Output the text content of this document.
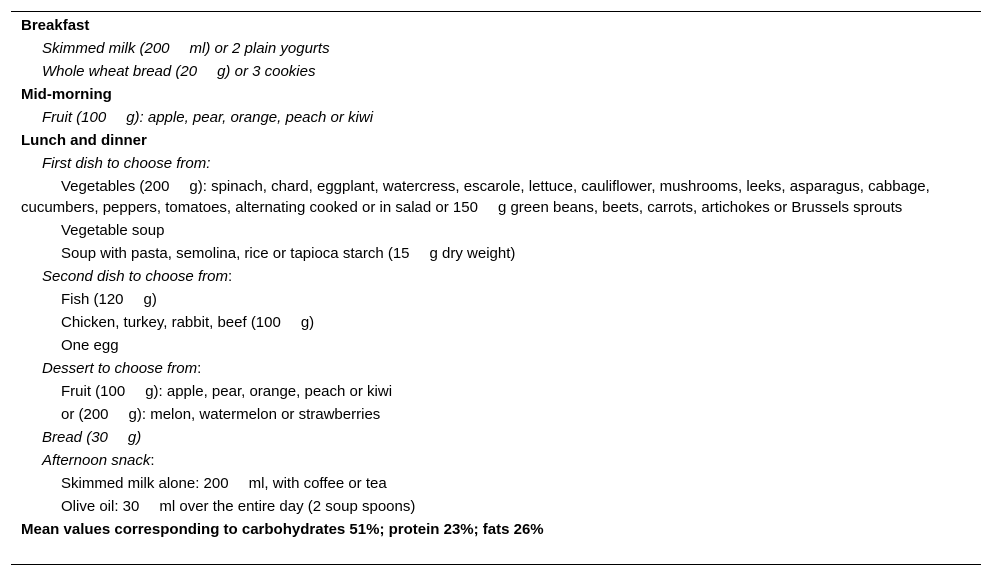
Breakfast
Skimmed milk (200 ml) or 2 plain yogurts
Whole wheat bread (20 g) or 3 cookies
Mid-morning
Fruit (100 g): apple, pear, orange, peach or kiwi
Lunch and dinner
First dish to choose from:
Vegetables (200 g): spinach, chard, eggplant, watercress, escarole, lettuce, cauliflower, mushrooms, leeks, asparagus, cabbage, cucumbers, peppers, tomatoes, alternating cooked or in salad or 150 g green beans, beets, carrots, artichokes or Brussels sprouts
Vegetable soup
Soup with pasta, semolina, rice or tapioca starch (15 g dry weight)
Second dish to choose from:
Fish (120 g)
Chicken, turkey, rabbit, beef (100 g)
One egg
Dessert to choose from:
Fruit (100 g): apple, pear, orange, peach or kiwi
or (200 g): melon, watermelon or strawberries
Bread (30 g)
Afternoon snack:
Skimmed milk alone: 200 ml, with coffee or tea
Olive oil: 30 ml over the entire day (2 soup spoons)
Mean values corresponding to carbohydrates 51%; protein 23%; fats 26%
